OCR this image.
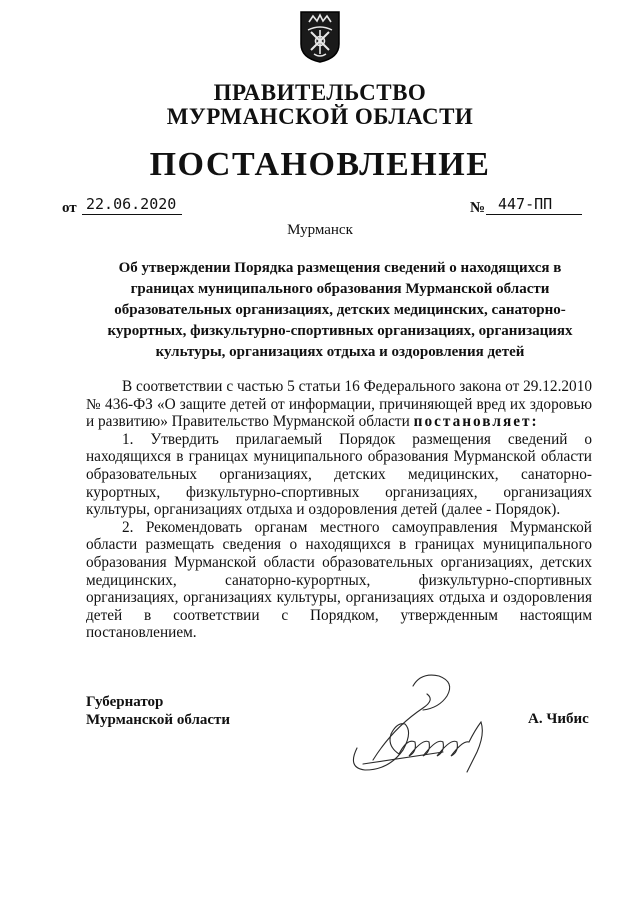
ПРАВИТЕЛЬСТВО
МУРМАНСКОЙ ОБЛАСТИ
ПОСТАНОВЛЕНИЕ
от 22.06.2020	№ 447-ПП
Мурманск
Об утверждении Порядка размещения сведений о находящихся в границах муниципального образования Мурманской области образовательных организациях, детских медицинских, санаторно-курортных, физкультурно-спортивных организациях, организациях культуры, организациях отдыха и оздоровления детей

В соответствии с частью 5 статьи 16 Федерального закона от 29.12.2010 № 436-ФЗ «О защите детей от информации, причиняющей вред их здоровью и развитию» Правительство Мурманской области постановляет:

1. Утвердить прилагаемый Порядок размещения сведений о находящихся в границах муниципального образования Мурманской области образовательных организациях, детских медицинских, санаторно-курортных, физкультурно-спортивных организациях, организациях культуры, организациях отдыха и оздоровления детей (далее - Порядок).

2. Рекомендовать органам местного самоуправления Мурманской области размещать сведения о находящихся в границах муниципального образования Мурманской области образовательных организациях, детских медицинских, санаторно-курортных, физкультурно-спортивных организациях, организациях культуры, организациях отдыха и оздоровления детей в соответствии с Порядком, утвержденным настоящим постановлением.

Губернатор
Мурманской области	А. Чибис
